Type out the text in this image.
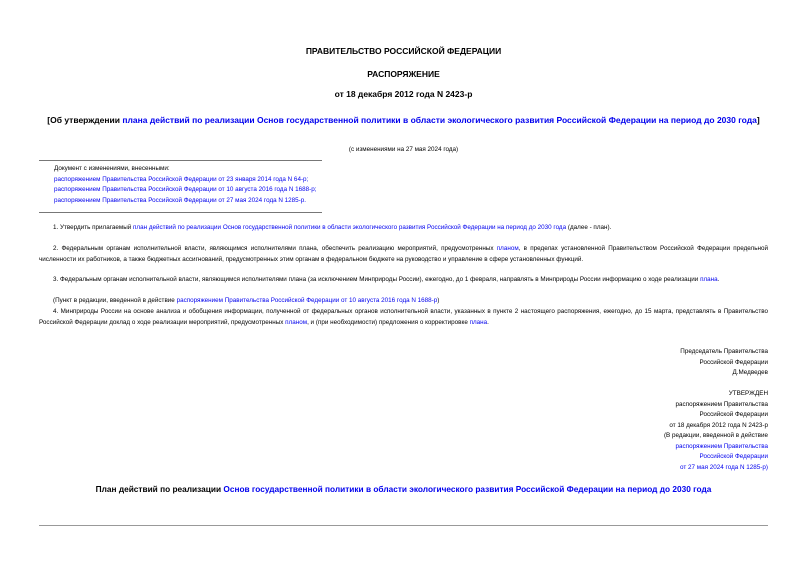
ПРАВИТЕЛЬСТВО РОССИЙСКОЙ ФЕДЕРАЦИИ
РАСПОРЯЖЕНИЕ
от 18 декабря 2012 года N 2423-р
[Об утверждении плана действий по реализации Основ государственной политики в области экологического развития Российской Федерации на период до 2030 года]
(с изменениями на 27 мая 2024 года)
Документ с изменениями, внесенными:
распоряжением Правительства Российской Федерации от 23 января 2014 года N 64-р;
распоряжением Правительства Российской Федерации от 10 августа 2016 года N 1688-р;
распоряжением Правительства Российской Федерации от 27 мая 2024 года N 1285-р.
1. Утвердить прилагаемый план действий по реализации Основ государственной политики в области экологического развития Российской Федерации на период до 2030 года (далее - план).
2. Федеральным органам исполнительной власти, являющимся исполнителями плана, обеспечить реализацию мероприятий, предусмотренных планом, в пределах установленной Правительством Российской Федерации предельной численности их работников, а также бюджетных ассигнований, предусмотренных этим органам в федеральном бюджете на руководство и управление в сфере установленных функций.
3. Федеральным органам исполнительной власти, являющимся исполнителями плана (за исключением Минприроды России), ежегодно, до 1 февраля, направлять в Минприроды России информацию о ходе реализации плана.
(Пункт в редакции, введенной в действие распоряжением Правительства Российской Федерации от 10 августа 2016 года N 1688-р)
4. Минприроды России на основе анализа и обобщения информации, полученной от федеральных органов исполнительной власти, указанных в пункте 2 настоящего распоряжения, ежегодно, до 15 марта, представлять в Правительство Российской Федерации доклад о ходе реализации мероприятий, предусмотренных планом, и (при необходимости) предложения о корректировке плана.
Председатель Правительства
Российской Федерации
Д.Медведев
УТВЕРЖДЕН
распоряжением Правительства
Российской Федерации
от 18 декабря 2012 года N 2423-р
(В редакции, введенной в действие
распоряжением Правительства
Российской Федерации
от 27 мая 2024 года N 1285-р)
План действий по реализации Основ государственной политики в области экологического развития Российской Федерации на период до 2030 года
